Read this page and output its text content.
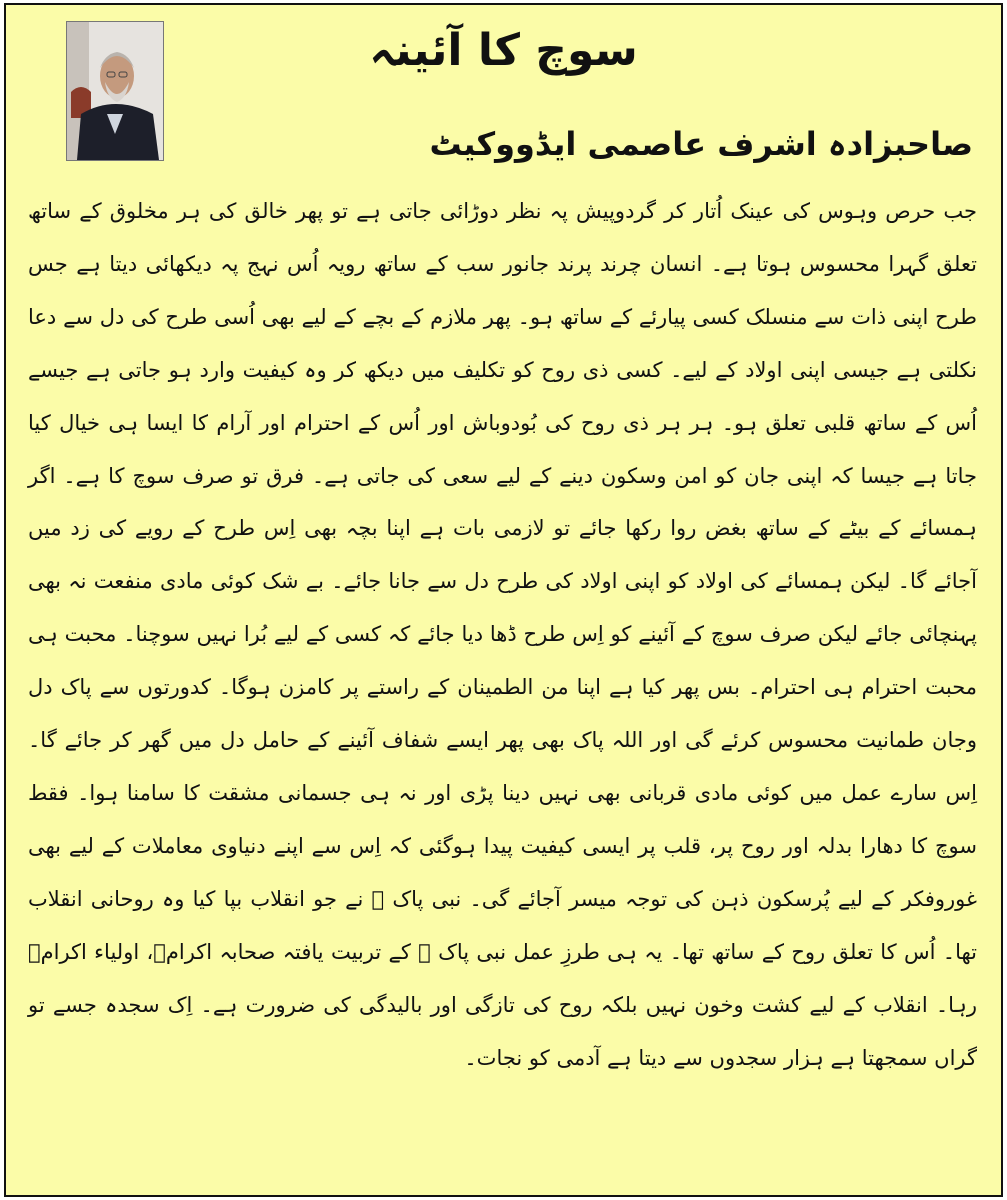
سوچ کا آئینہ
صاحبزادہ اشرف عاصمی ایڈووکیٹ

جب حرص وہوس کی عینک اُتار کر گردوپیش پہ نظر دوڑائی جاتی ہے تو پھر خالق کی ہر مخلوق کے ساتھ تعلق گہرا محسوس ہوتا ہے۔ انسان چرند پرند جانور سب کے ساتھ رویہ اُس نہج پہ دیکھائی دیتا ہے جس طرح اپنی ذات سے منسلک کسی پیارئے کے ساتھ ہو۔ پھر ملازم کے بچے کے لیے بھی اُسی طرح کی دل سے دعا نکلتی ہے جیسی اپنی اولاد کے لیے۔ کسی ذی روح کو تکلیف میں دیکھ کر وہ کیفیت وارد ہو جاتی ہے جیسے اُس کے ساتھ قلبی تعلق ہو۔ ہر ہر ذی روح کی بُودوباش اور اُس کے احترام اور آرام کا ایسا ہی خیال کیا جاتا ہے جیسا کہ اپنی جان کو امن وسکون دینے کے لیے سعی کی جاتی ہے۔ فرق تو صرف سوچ کا ہے۔ اگر ہمسائے کے بیٹے کے ساتھ بغض روا رکھا جائے تو لازمی بات ہے اپنا بچہ بھی اِس طرح کے رویے کی زد میں آجائے گا۔ لیکن ہمسائے کی اولاد کو اپنی اولاد کی طرح دل سے جانا جائے۔ بے شک کوئی مادی منفعت نہ بھی پہنچائی جائے لیکن صرف سوچ کے آئینے کو اِس طرح ڈھا دیا جائے کہ کسی کے لیے بُرا نہیں سوچنا۔ محبت ہی محبت احترام ہی احترام۔ بس پھر کیا ہے اپنا من الطمینان کے راستے پر کامزن ہوگا۔ کدورتوں سے پاک دل وجان طمانیت محسوس کرئے گی اور اللہ پاک بھی پھر ایسے شفاف آئینے کے حامل دل میں گھر کر جائے گا۔ اِس سارے عمل میں کوئی مادی قربانی بھی نہیں دینا پڑی اور نہ ہی جسمانی مشقت کا سامنا ہوا۔ فقط سوچ کا دھارا بدلہ اور روح پر، قلب پر ایسی کیفیت پیدا ہوگئی کہ اِس سے اپنے دنیاوی معاملات کے لیے بھی غوروفکر کے لیے پُرسکون ذہن کی توجہ میسر آجائے گی۔ نبی پاک ﷺ نے جو انقلاب بپا کیا وہ روحانی انقلاب تھا۔ اُس کا تعلق روح کے ساتھ تھا۔ یہ ہی طرزِ عمل نبی پاک ﷺ کے تربیت یافتہ صحابہ اکرامؓ، اولیاء اکرامؒ رہا۔ انقلاب کے لیے کشت وخون نہیں بلکہ روح کی تازگی اور بالیدگی کی ضرورت ہے۔ اِک سجدہ جسے تو گراں سمجھتا ہے ہزار سجدوں سے دیتا ہے آدمی کو نجات۔
